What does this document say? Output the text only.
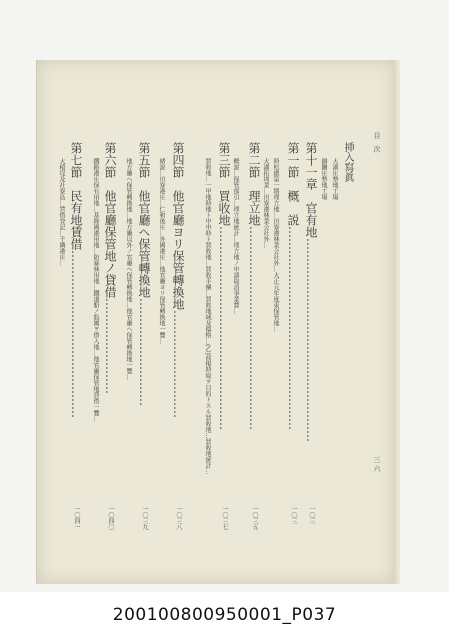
目 次
三六
挿入寫眞
大湖庄整地工場
銅鑼庄整地工場
第十一章　官有地……………………………………………
一〇三
第一節　概　説……………………………………………
一〇三
時松總第一期理立地…田寮港林業会社外…大正元年度東保管地…
大湖拓圳業…田寮港林業会社外…
第二節　理立地……………………………………………
一〇三五
概說…保管部引…理立地統計…理立地ノ申請取消事業費…
第三節　買收地……………………………………………
一〇三七
買收地…一甲地時地ト申申時ト買收地…買收手續…買收地域及價格…(乙)前掲時取ヲ目的トスル買收地…買收地統計…
第四節　他官廳ヨリ保管轉換地………………………
一〇三八
緒說…田寮港庄…仁和後庄…外國港庄…他官廳ヨリ保管轉換地一覽…
第五節　他官廳ヘ保管轉換地………………………
一〇三九
地方廳ヘ保管轉換地…地方廳以外ノ官廳ヘ保管轉換地…他官廳ヘ保管轉換地一覽…
第六節　他官廳保管地ノ貸借……………………
一〇四〇
鐵路港庄保有用地…基隆國港用地…防寨林用地…鐵道船ノ股團ヲ借入地…他官廳保管地貸借一覽…
第七節　民有地賃借……………………………………
一〇四一
大稲埕及社寮島…賃借登記…千隣港庄…
200100800950001_P037
